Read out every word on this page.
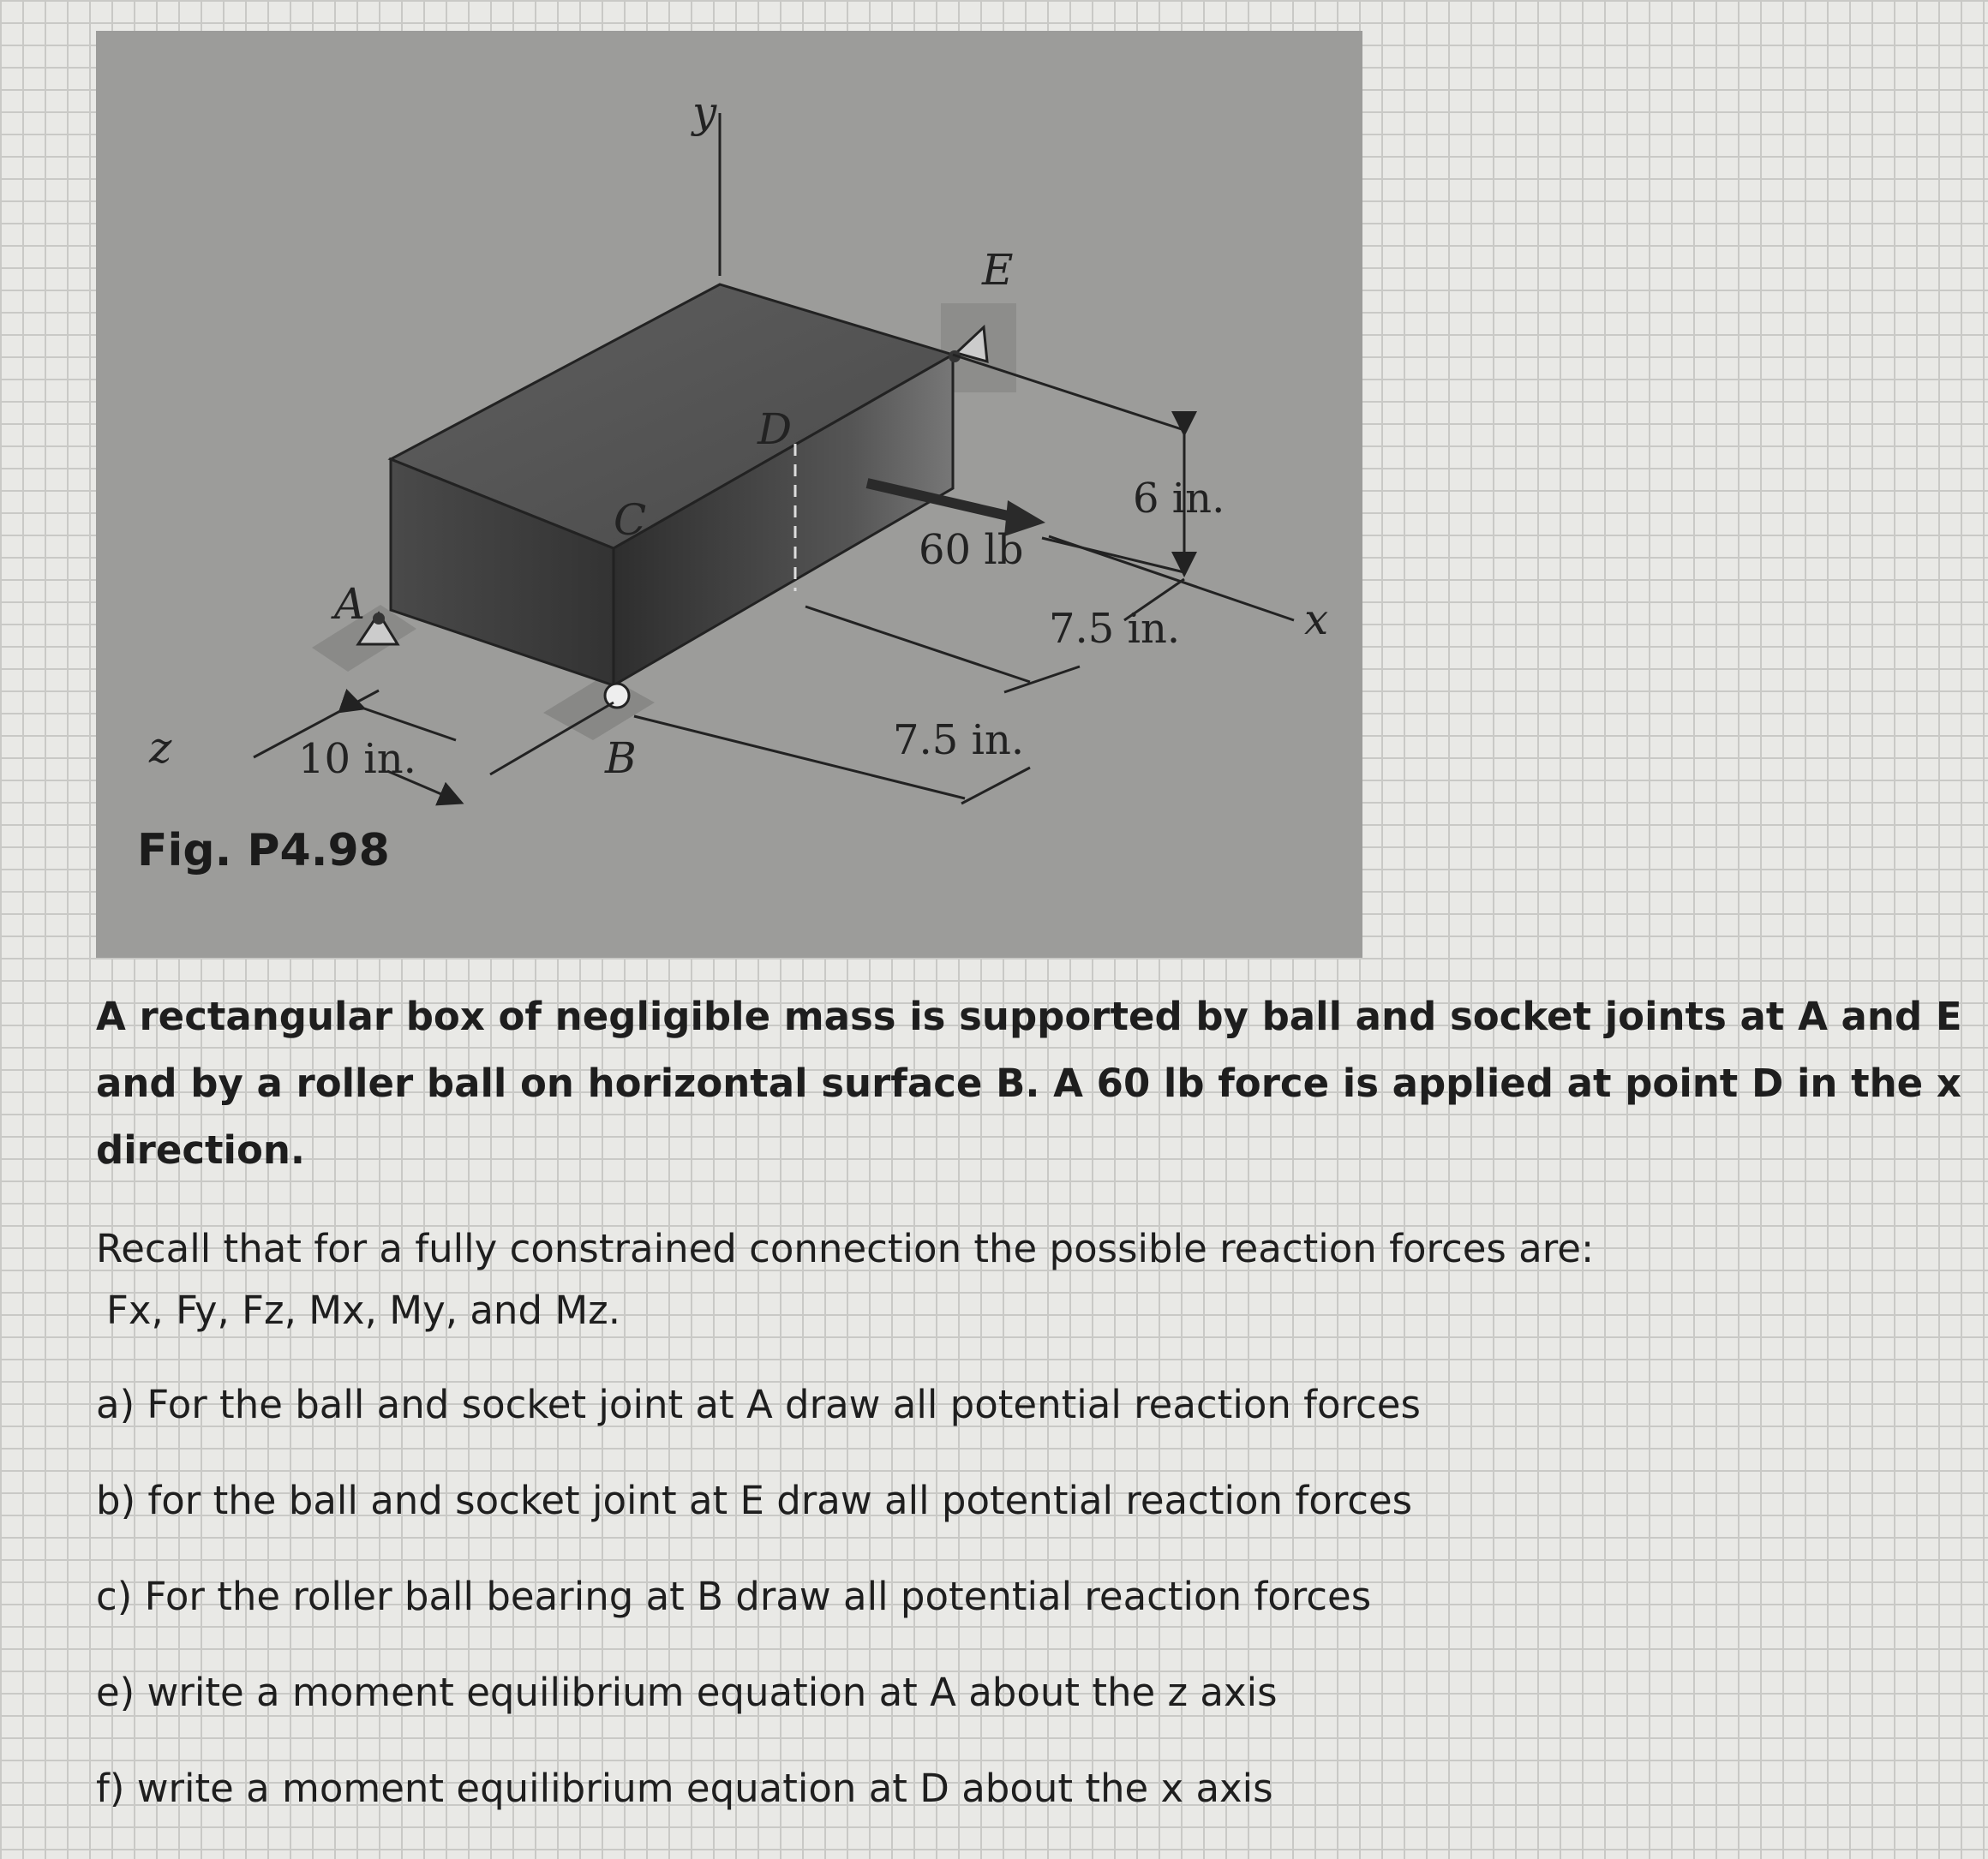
y
x
z
A
B
C
D
E
10 in.
6 in.
7.5 in.
7.5 in.
60 lb
Fig. P4.98

A rectangular box of negligible mass is supported by ball and socket joints at A and E and by a roller ball on horizontal surface B. A 60 lb force is applied at point D in the x direction.

Recall that for a fully constrained connection the possible reaction forces are:
Fx, Fy, Fz, Mx, My, and Mz.

a) For the ball and socket joint at A draw all potential reaction forces

b) for the ball and socket joint at E draw all potential reaction forces

c) For the roller ball bearing at B draw all potential reaction forces

e) write a moment equilibrium equation at A about the z axis

f) write a moment equilibrium equation at D about the x axis
